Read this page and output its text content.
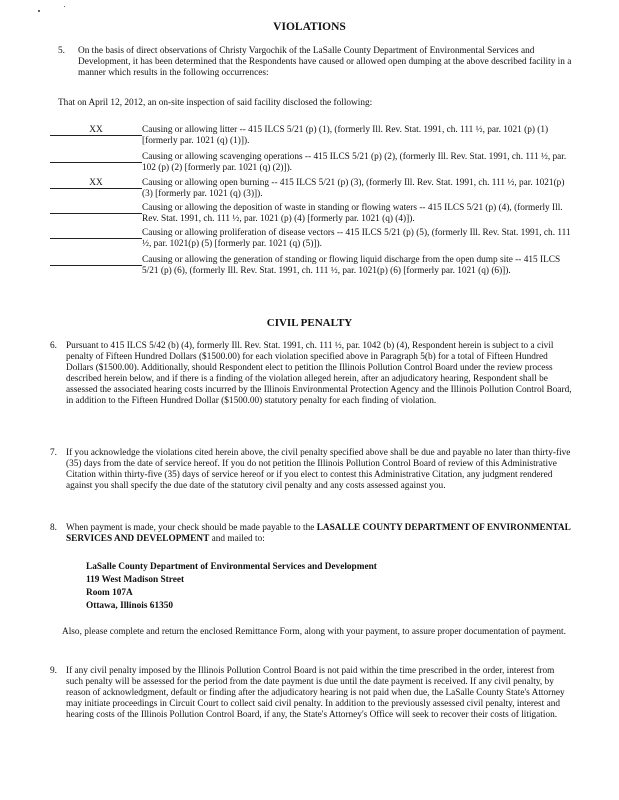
VIOLATIONS
5. On the basis of direct observations of Christy Vargochik of the LaSalle County Department of Environmental Services and Development, it has been determined that the Respondents have caused or allowed open dumping at the above described facility in a manner which results in the following occurrences:

That on April 12, 2012, an on-site inspection of said facility disclosed the following:

XX	Causing or allowing litter -- 415 ILCS 5/21 (p) (1), (formerly Ill. Rev. Stat. 1991, ch. 111 ½, par. 1021 (p) (1) [formerly par. 1021 (q) (1)]).
Causing or allowing scavenging operations -- 415 ILCS 5/21 (p) (2), (formerly Ill. Rev. Stat. 1991, ch. 111 ½, par. 102 (p) (2) [formerly par. 1021 (q) (2)]).
XX	Causing or allowing open burning -- 415 ILCS 5/21 (p) (3), (formerly Ill. Rev. Stat. 1991, ch. 111 ½, par. 1021(p) (3) [formerly par. 1021 (q) (3)]).
Causing or allowing the deposition of waste in standing or flowing waters -- 415 ILCS 5/21 (p) (4), (formerly Ill. Rev. Stat. 1991, ch. 111 ½, par. 1021 (p) (4) [formerly par. 1021 (q) (4)]).
Causing or allowing proliferation of disease vectors -- 415 ILCS 5/21 (p) (5), (formerly Ill. Rev. Stat. 1991, ch. 111 ½, par. 1021(p) (5) [formerly par. 1021 (q) (5)]).
Causing or allowing the generation of standing or flowing liquid discharge from the open dump site -- 415 ILCS 5/21 (p) (6), (formerly Ill. Rev. Stat. 1991, ch. 111 ½, par. 1021(p) (6) [formerly par. 1021 (q) (6)]).
CIVIL PENALTY
6. Pursuant to 415 ILCS 5/42 (b) (4), formerly Ill. Rev. Stat. 1991, ch. 111 ½, par. 1042 (b) (4), Respondent herein is subject to a civil penalty of Fifteen Hundred Dollars ($1500.00) for each violation specified above in Paragraph 5(b) for a total of Fifteen Hundred Dollars ($1500.00). Additionally, should Respondent elect to petition the Illinois Pollution Control Board under the review process described herein below, and if there is a finding of the violation alleged herein, after an adjudicatory hearing, Respondent shall be assessed the associated hearing costs incurred by the Illinois Environmental Protection Agency and the Illinois Pollution Control Board, in addition to the Fifteen Hundred Dollar ($1500.00) statutory penalty for each finding of violation.

7. If you acknowledge the violations cited herein above, the civil penalty specified above shall be due and payable no later than thirty-five (35) days from the date of service hereof. If you do not petition the Illinois Pollution Control Board of review of this Administrative Citation within thirty-five (35) days of service hereof or if you elect to contest this Administrative Citation, any judgment rendered against you shall specify the due date of the statutory civil penalty and any costs assessed against you.

8. When payment is made, your check should be made payable to the LASALLE COUNTY DEPARTMENT OF ENVIRONMENTAL SERVICES AND DEVELOPMENT and mailed to:

LaSalle County Department of Environmental Services and Development
119 West Madison Street
Room 107A
Ottawa, Illinois 61350

Also, please complete and return the enclosed Remittance Form, along with your payment, to assure proper documentation of payment.

9. If any civil penalty imposed by the Illinois Pollution Control Board is not paid within the time prescribed in the order, interest from such penalty will be assessed for the period from the date payment is due until the date payment is received. If any civil penalty, by reason of acknowledgment, default or finding after the adjudicatory hearing is not paid when due, the LaSalle County State's Attorney may initiate proceedings in Circuit Court to collect said civil penalty. In addition to the previously assessed civil penalty, interest and hearing costs of the Illinois Pollution Control Board, if any, the State's Attorney's Office will seek to recover their costs of litigation.
